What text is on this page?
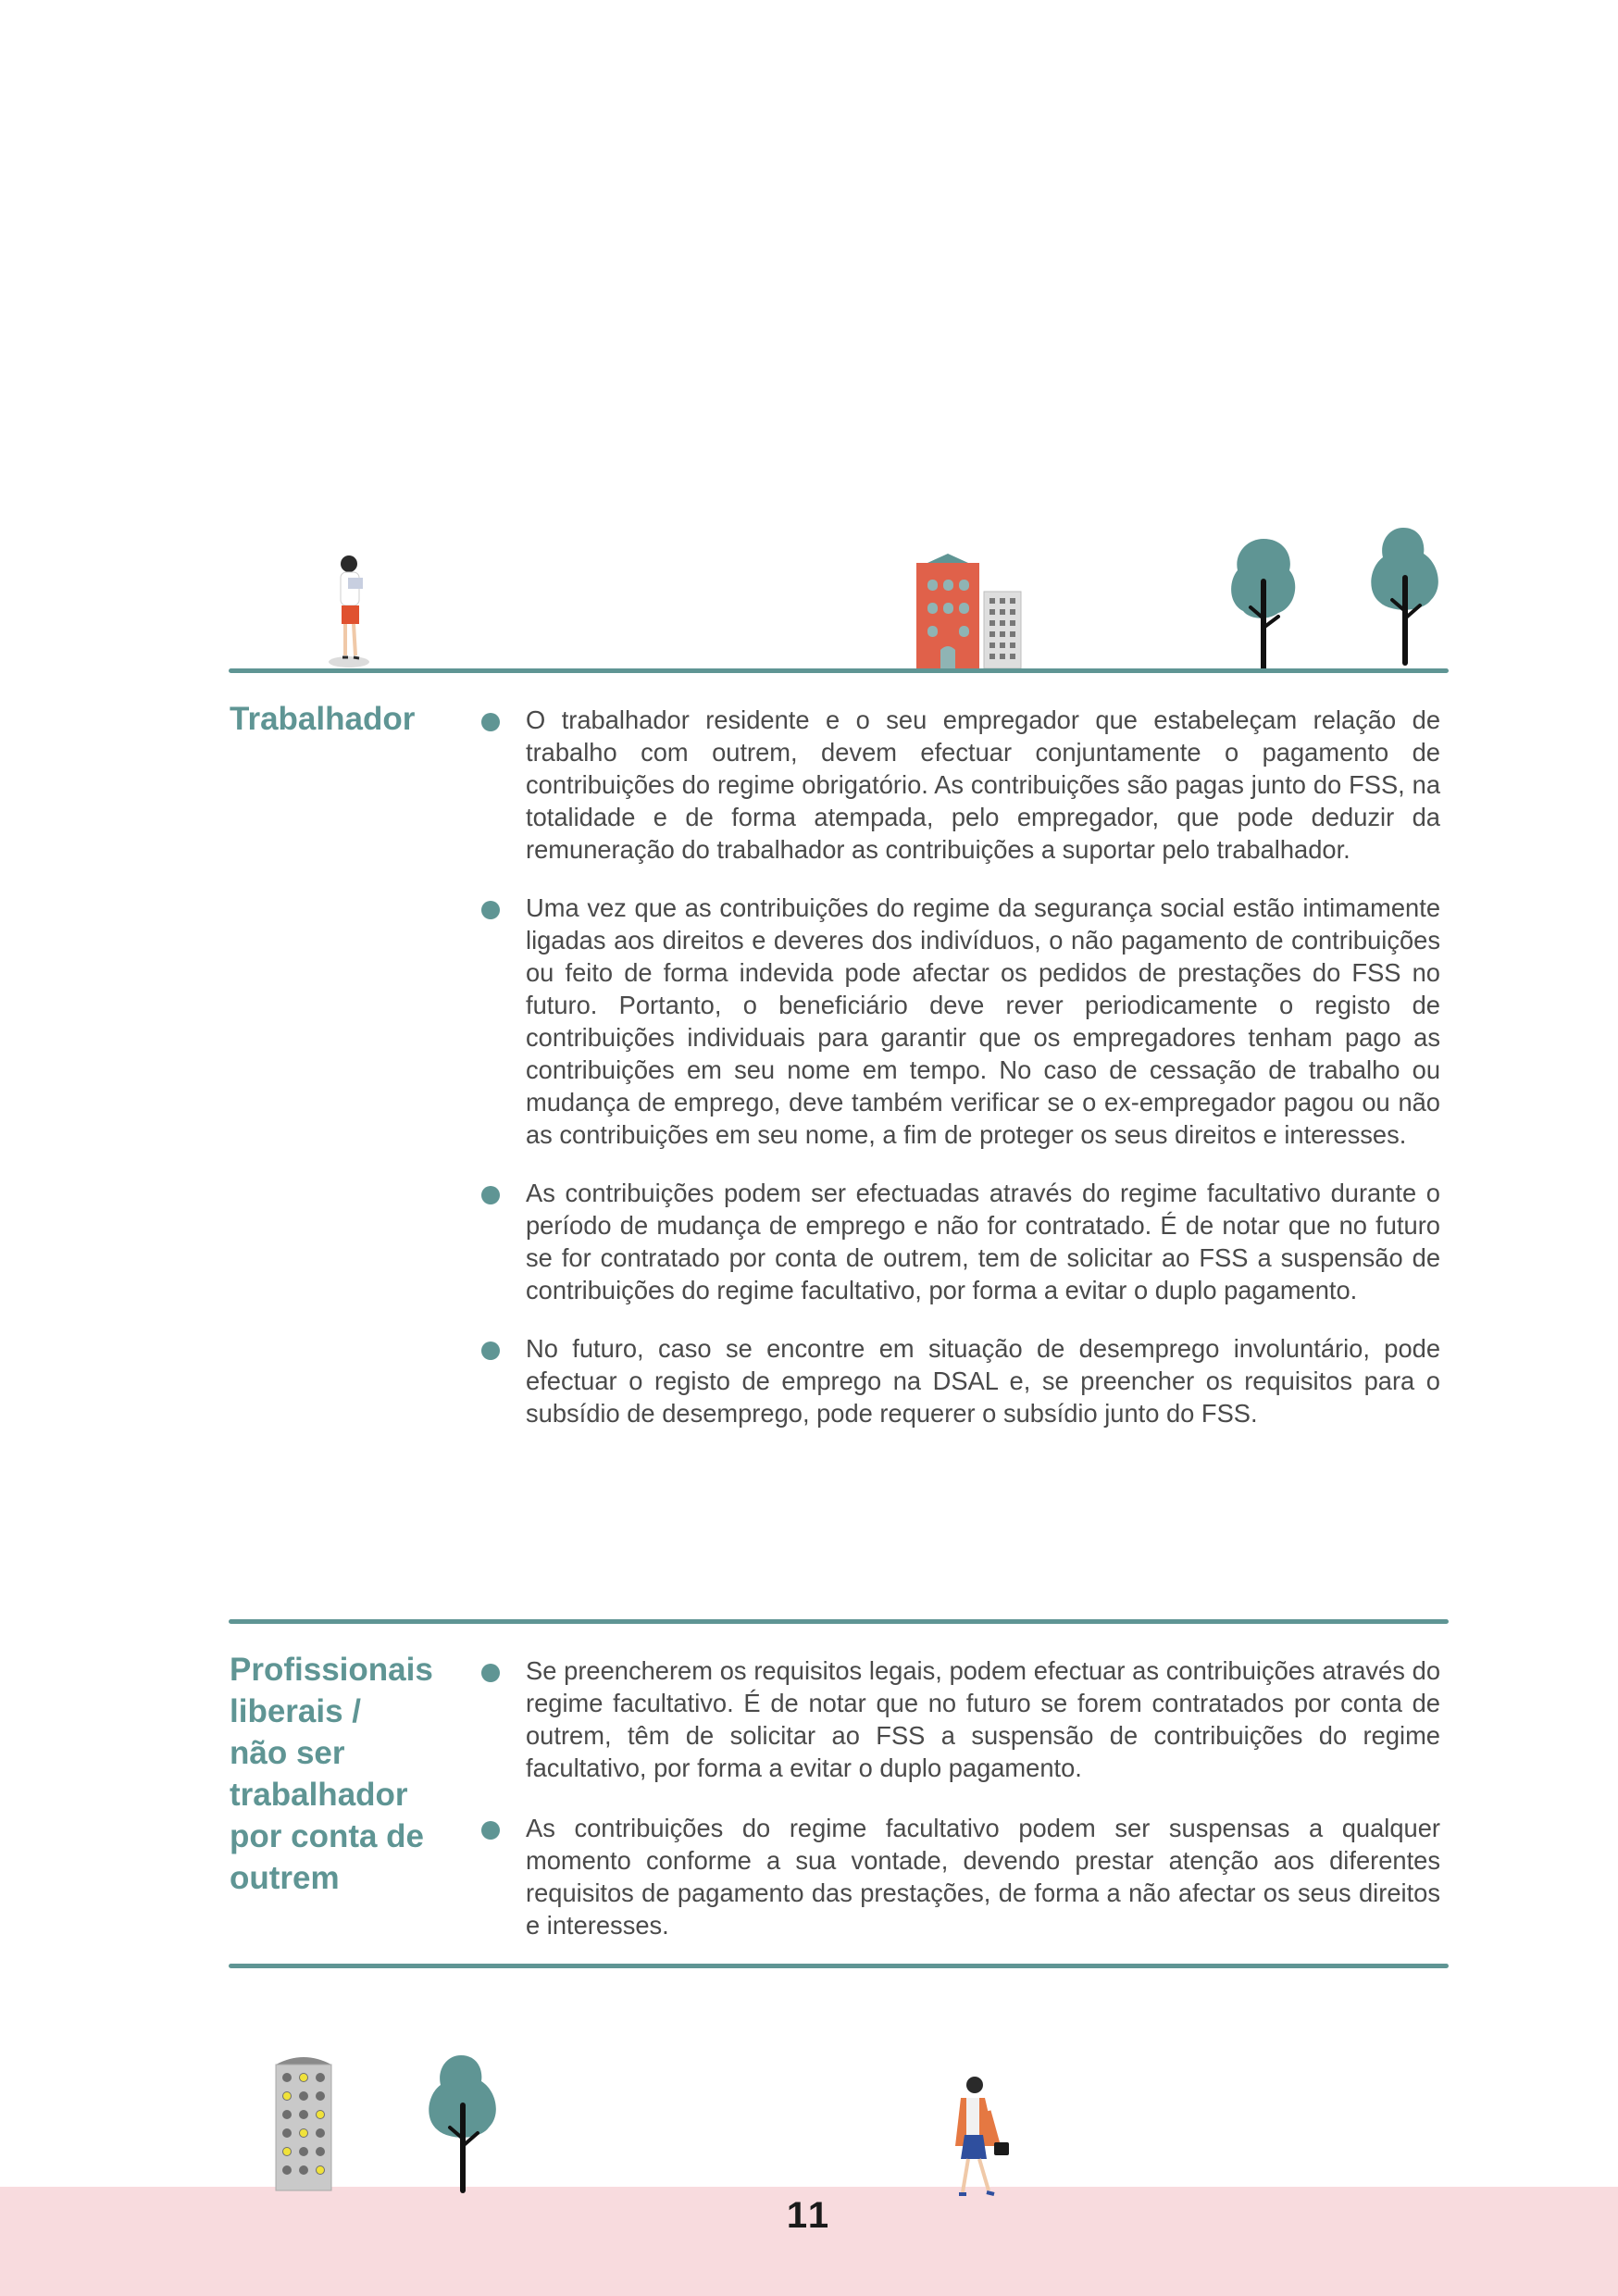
Trabalhador	O trabalhador residente e o seu empregador que estabeleçam relação de trabalho com outrem, devem efectuar conjuntamente o pagamento de contribuições do regime obrigatório. As contribuições são pagas junto do FSS, na totalidade e de forma atempada, pelo empregador, que pode deduzir da remuneração do trabalhador as contribuições a suportar pelo trabalhador.
Uma vez que as contribuições do regime da segurança social estão intimamente ligadas aos direitos e deveres dos indivíduos, o não pagamento de contribuições ou feito de forma indevida pode afectar os pedidos de prestações do FSS no futuro. Portanto, o beneficiário deve rever periodicamente o registo de contribuições individuais para garantir que os empregadores tenham pago as contribuições em seu nome em tempo. No caso de cessação de trabalho ou mudança de emprego, deve também verificar se o ex-empregador pagou ou não as contribuições em seu nome, a fim de proteger os seus direitos e interesses.
As contribuições podem ser efectuadas através do regime facultativo durante o período de mudança de emprego e não for contratado. É de notar que no futuro se for contratado por conta de outrem, tem de solicitar ao FSS a suspensão de contribuições do regime facultativo, por forma a evitar o duplo pagamento.
No futuro, caso se encontre em situação de desemprego involuntário, pode efectuar o registo de emprego na DSAL e, se preencher os requisitos para o subsídio de desemprego, pode requerer o subsídio junto do FSS.
Profissionais
liberais /
não ser
trabalhador
por conta de
outrem
Se preencherem os requisitos legais, podem efectuar as contribuições através do regime facultativo. É de notar que no futuro se forem contratados por conta de outrem, têm de solicitar ao FSS a suspensão de contribuições do regime facultativo, por forma a evitar o duplo pagamento.
As contribuições do regime facultativo podem ser suspensas a qualquer momento conforme a sua vontade, devendo prestar atenção aos diferentes requisitos de pagamento das prestações, de forma a não afectar os seus direitos e interesses.
11
